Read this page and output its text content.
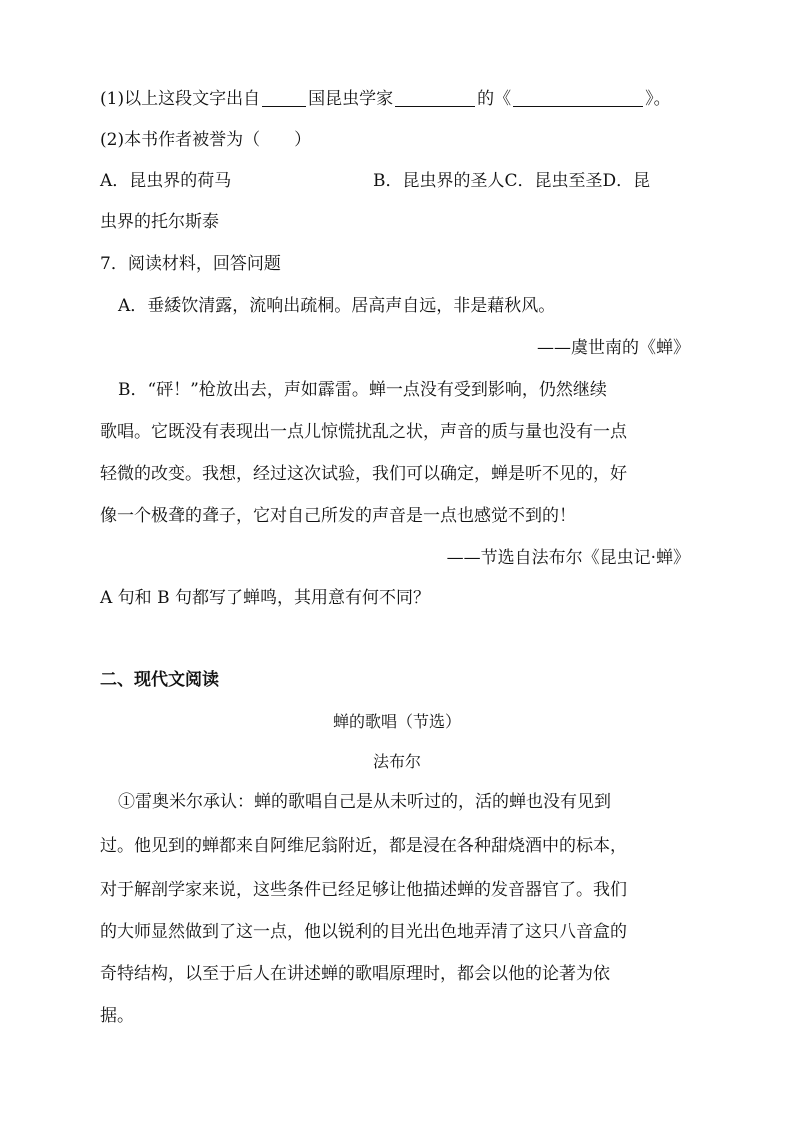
(1)以上这段文字出自	国昆虫学家	的《	》。
(2)本书作者被誉为（　　）
A．昆虫界的荷马	B．昆虫界的圣人C．昆虫至圣D．昆
虫界的托尔斯泰
7．阅读材料，回答问题
A．垂緌饮清露，流响出疏桐。居高声自远，非是藉秋风。
——虞世南的《蝉》
B．“砰！”枪放出去，声如霹雷。蝉一点没有受到影响，仍然继续
歌唱。它既没有表现出一点儿惊慌扰乱之状，声音的质与量也没有一点
轻微的改变。我想，经过这次试验，我们可以确定，蝉是听不见的，好
像一个极聋的聋子，它对自己所发的声音是一点也感觉不到的！
——节选自法布尔《昆虫记·蝉》
A 句和 B 句都写了蝉鸣，其用意有何不同？
二、现代文阅读
蝉的歌唱（节选）
法布尔
①雷奥米尔承认：蝉的歌唱自己是从未听过的，活的蝉也没有见到
过。他见到的蝉都来自阿维尼翁附近，都是浸在各种甜烧酒中的标本，
对于解剖学家来说，这些条件已经足够让他描述蝉的发音器官了。我们
的大师显然做到了这一点，他以锐利的目光出色地弄清了这只八音盒的
奇特结构，以至于后人在讲述蝉的歌唱原理时，都会以他的论著为依
据。
